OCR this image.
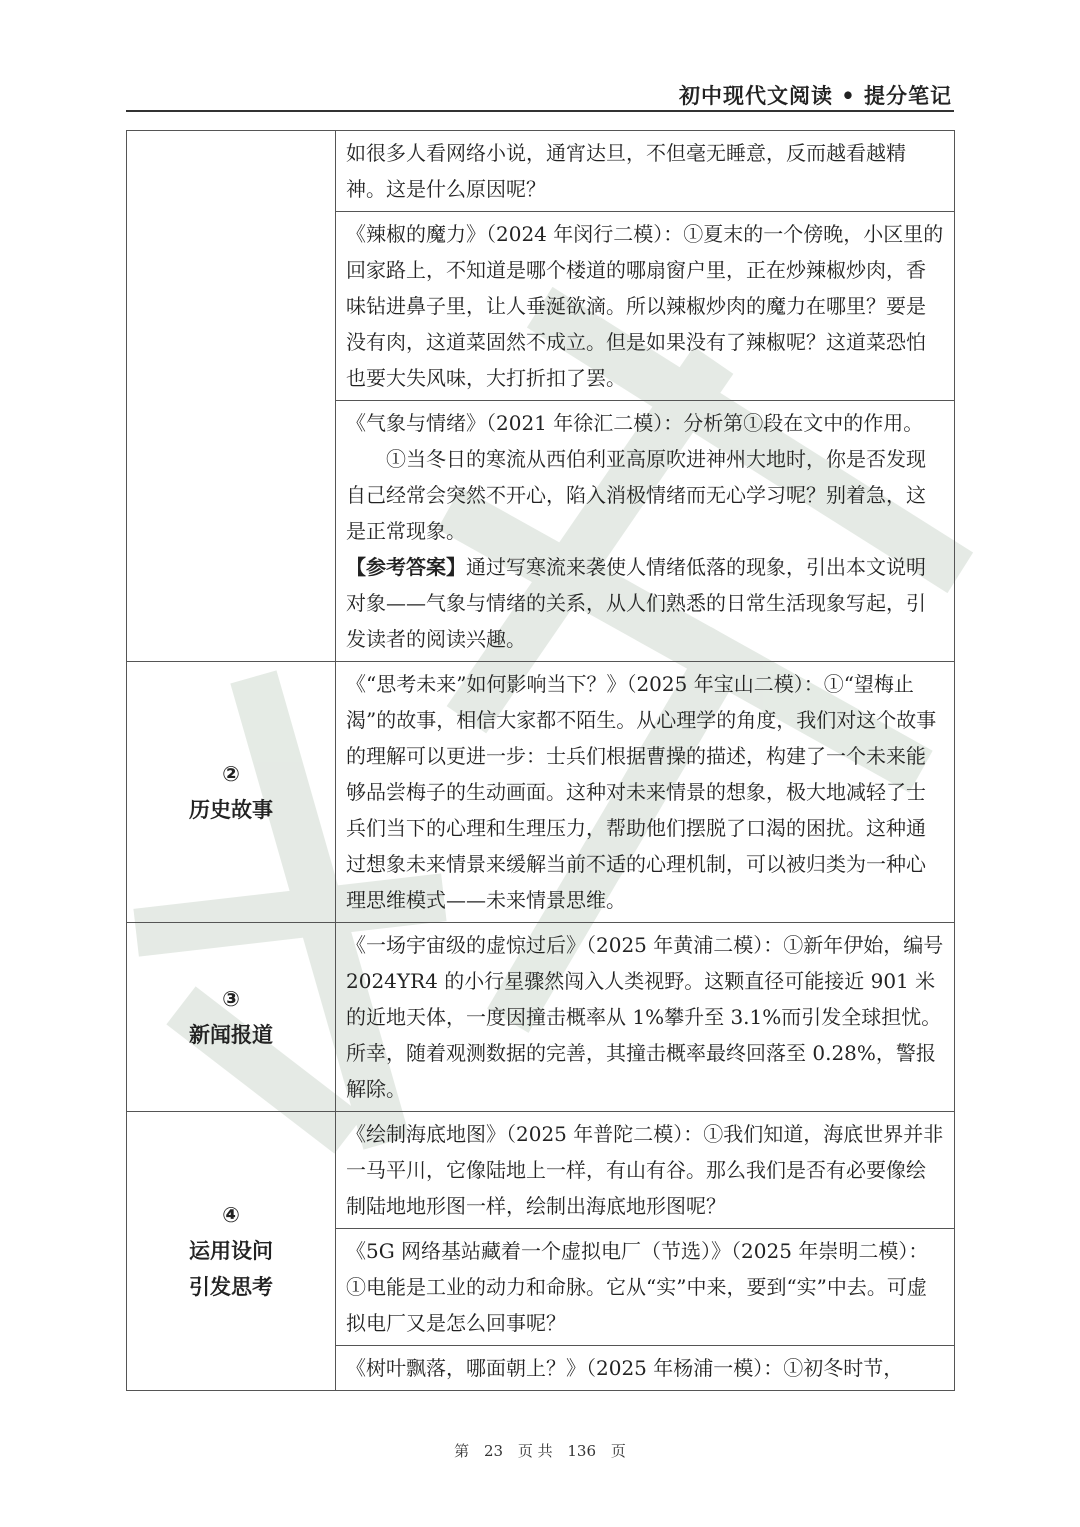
初中现代文阅读 • 提分笔记
	如很多人看网络小说，通宵达旦，不但毫无睡意，反而越看越精神。这是什么原因呢？
	《辣椒的魔力》（2024 年闵行二模）：①夏末的一个傍晚，小区里的回家路上，不知道是哪个楼道的哪扇窗户里，正在炒辣椒炒肉，香味钻进鼻子里，让人垂涎欲滴。所以辣椒炒肉的魔力在哪里？要是没有肉，这道菜固然不成立。但是如果没有了辣椒呢？这道菜恐怕也要大失风味，大打折扣了罢。
	《气象与情绪》（2021 年徐汇二模）：分析第①段在文中的作用。
①当冬日的寒流从西伯利亚高原吹进神州大地时，你是否发现自己经常会突然不开心，陷入消极情绪而无心学习呢？别着急，这是正常现象。
【参考答案】通过写寒流来袭使人情绪低落的现象，引出本文说明对象——气象与情绪的关系，从人们熟悉的日常生活现象写起，引发读者的阅读兴趣。

②
历史故事	《“思考未来”如何影响当下？》（2025 年宝山二模）：①“望梅止渴”的故事，相信大家都不陌生。从心理学的角度，我们对这个故事的理解可以更进一步：士兵们根据曹操的描述，构建了一个未来能够品尝梅子的生动画面。这种对未来情景的想象，极大地减轻了士兵们当下的心理和生理压力，帮助他们摆脱了口渴的困扰。这种通过想象未来情景来缓解当前不适的心理机制，可以被归类为一种心理思维模式——未来情景思维。

③
新闻报道	《一场宇宙级的虚惊过后》（2025 年黄浦二模）：①新年伊始，编号 2024YR4 的小行星骤然闯入人类视野。这颗直径可能接近 901 米的近地天体，一度因撞击概率从 1%攀升至 3.1%而引发全球担忧。所幸，随着观测数据的完善，其撞击概率最终回落至 0.28%，警报解除。

④
运用设问
引发思考	《绘制海底地图》（2025 年普陀二模）：①我们知道，海底世界并非一马平川，它像陆地上一样，有山有谷。那么我们是否有必要像绘制陆地地形图一样，绘制出海底地形图呢？
	《5G 网络基站藏着一个虚拟电厂（节选）》（2025 年崇明二模）：①电能是工业的动力和命脉。它从“实”中来，要到“实”中去。可虚拟电厂又是怎么回事呢？
	《树叶飘落，哪面朝上？》（2025 年杨浦一模）：①初冬时节，
第 23 页 共 136 页
